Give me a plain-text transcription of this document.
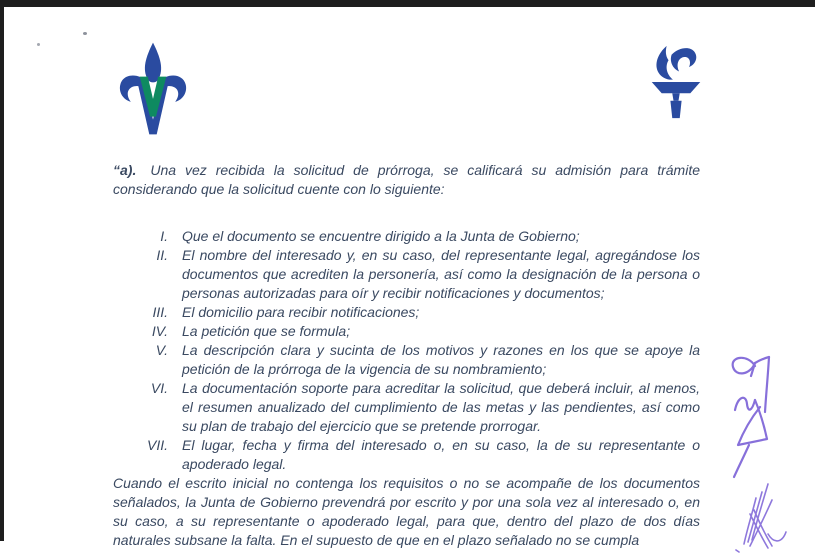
“a). Una vez recibida la solicitud de prórroga, se calificará su admisión para trámite considerando que la solicitud cuente con lo siguiente:

I.	Que el documento se encuentre dirigido a la Junta de Gobierno;
II.	El nombre del interesado y, en su caso, del representante legal, agregándose los documentos que acrediten la personería, así como la designación de la persona o personas autorizadas para oír y recibir notificaciones y documentos;
III.	El domicilio para recibir notificaciones;
IV.	La petición que se formula;
V.	La descripción clara y sucinta de los motivos y razones en los que se apoye la petición de la prórroga de la vigencia de su nombramiento;
VI.	La documentación soporte para acreditar la solicitud, que deberá incluir, al menos, el resumen anualizado del cumplimiento de las metas y las pendientes, así como su plan de trabajo del ejercicio que se pretende prorrogar.
VII.	El lugar, fecha y firma del interesado o, en su caso, la de su representante o apoderado legal.

Cuando el escrito inicial no contenga los requisitos o no se acompañe de los documentos señalados, la Junta de Gobierno prevendrá por escrito y por una sola vez al interesado o, en su caso, a su representante o apoderado legal, para que, dentro del plazo de dos días naturales subsane la falta. En el supuesto de que en el plazo señalado no se cumpla
